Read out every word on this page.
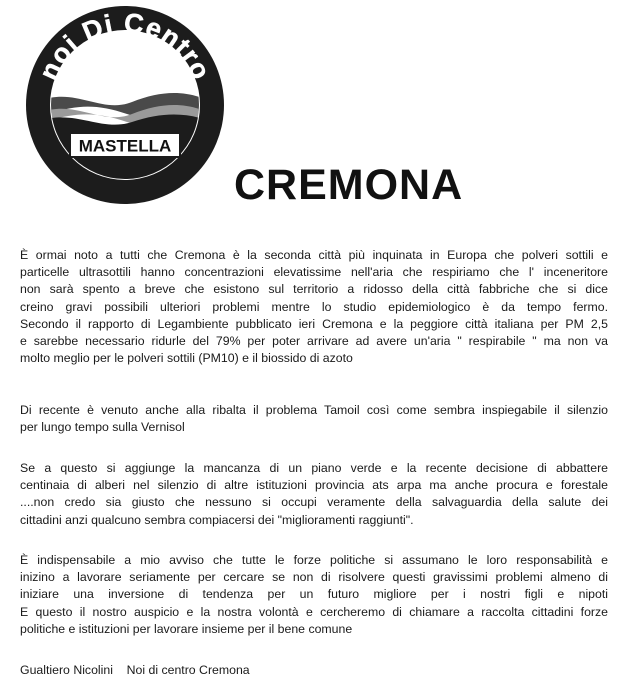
noi Di Centro
MASTELLA
CREMONA

È ormai noto a tutti che Cremona è la seconda città più inquinata in Europa che polveri sottili e
particelle ultrasottili hanno concentrazioni elevatissime nell'aria che respiriamo che l' inceneritore
non sarà spento a breve che esistono sul territorio a ridosso della città fabbriche che si dice
creino gravi possibili ulteriori problemi mentre lo studio epidemiologico è da tempo fermo.
Secondo il rapporto di Legambiente pubblicato ieri Cremona e la peggiore città italiana per PM 2,5
e sarebbe necessario ridurle del 79% per poter arrivare ad avere un'aria " respirabile " ma non va
molto meglio per le polveri sottili (PM10) e il biossido di azoto

Di recente è venuto anche alla ribalta il problema Tamoil così come sembra inspiegabile il silenzio
per lungo tempo sulla Vernisol

Se a questo si aggiunge la mancanza di un piano verde e la recente decisione di abbattere
centinaia di alberi nel silenzio di altre istituzioni provincia ats arpa ma anche procura e forestale
....non credo sia giusto che nessuno si occupi veramente della salvaguardia della salute dei
cittadini anzi qualcuno sembra compiacersi dei "miglioramenti raggiunti".

È indispensabile a mio avviso che tutte le forze politiche si assumano le loro responsabilità e
inizino a lavorare seriamente per cercare se non di risolvere questi gravissimi problemi almeno di
iniziare una inversione di tendenza per un futuro migliore per i nostri figli e nipoti
E questo il nostro auspicio e la nostra volontà e cercheremo di chiamare a raccolta cittadini forze
politiche e istituzioni per lavorare insieme per il bene comune

Gualtiero Nicolini    Noi di centro Cremona
